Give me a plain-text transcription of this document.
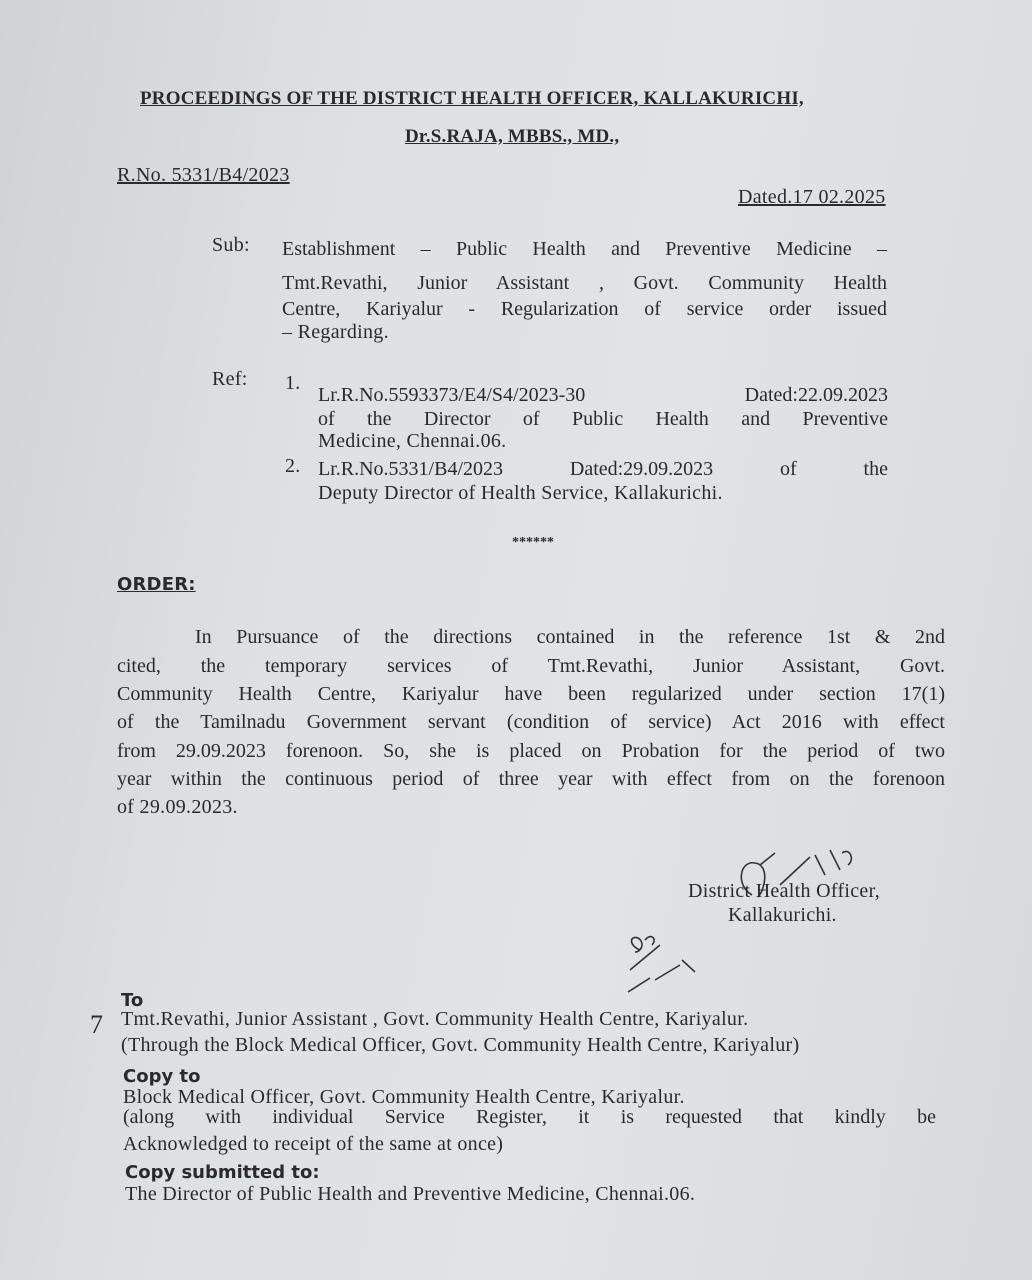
PROCEEDINGS OF THE DISTRICT HEALTH OFFICER, KALLAKURICHI,
Dr.S.RAJA, MBBS., MD.,
R.No. 5331/B4/2023
Dated.17 02.2025
Sub: Establishment – Public Health and Preventive Medicine –
Tmt.Revathi, Junior Assistant , Govt. Community Health
Centre, Kariyalur - Regularization of service order issued
– Regarding.
Ref: 1.
Lr.R.No.5593373/E4/S4/2023-30 Dated:22.09.2023
of the Director of Public Health and Preventive
Medicine, Chennai.06.
2. Lr.R.No.5331/B4/2023 Dated:29.09.2023 of the
Deputy Director of Health Service, Kallakurichi.
******
ORDER:
In Pursuance of the directions contained in the reference 1st & 2nd
cited, the temporary services of Tmt.Revathi, Junior Assistant, Govt.
Community Health Centre, Kariyalur have been regularized under section 17(1)
of the Tamilnadu Government servant (condition of service) Act 2016 with effect
from 29.09.2023 forenoon. So, she is placed on Probation for the period of two
year within the continuous period of three year with effect from on the forenoon
of 29.09.2023.
District Health Officer,
Kallakurichi.
To
7 Tmt.Revathi, Junior Assistant , Govt. Community Health Centre, Kariyalur.
(Through the Block Medical Officer, Govt. Community Health Centre, Kariyalur)
Copy to
Block Medical Officer, Govt. Community Health Centre, Kariyalur.
(along with individual Service Register, it is requested that kindly be
Acknowledged to receipt of the same at once)
Copy submitted to:
The Director of Public Health and Preventive Medicine, Chennai.06.
